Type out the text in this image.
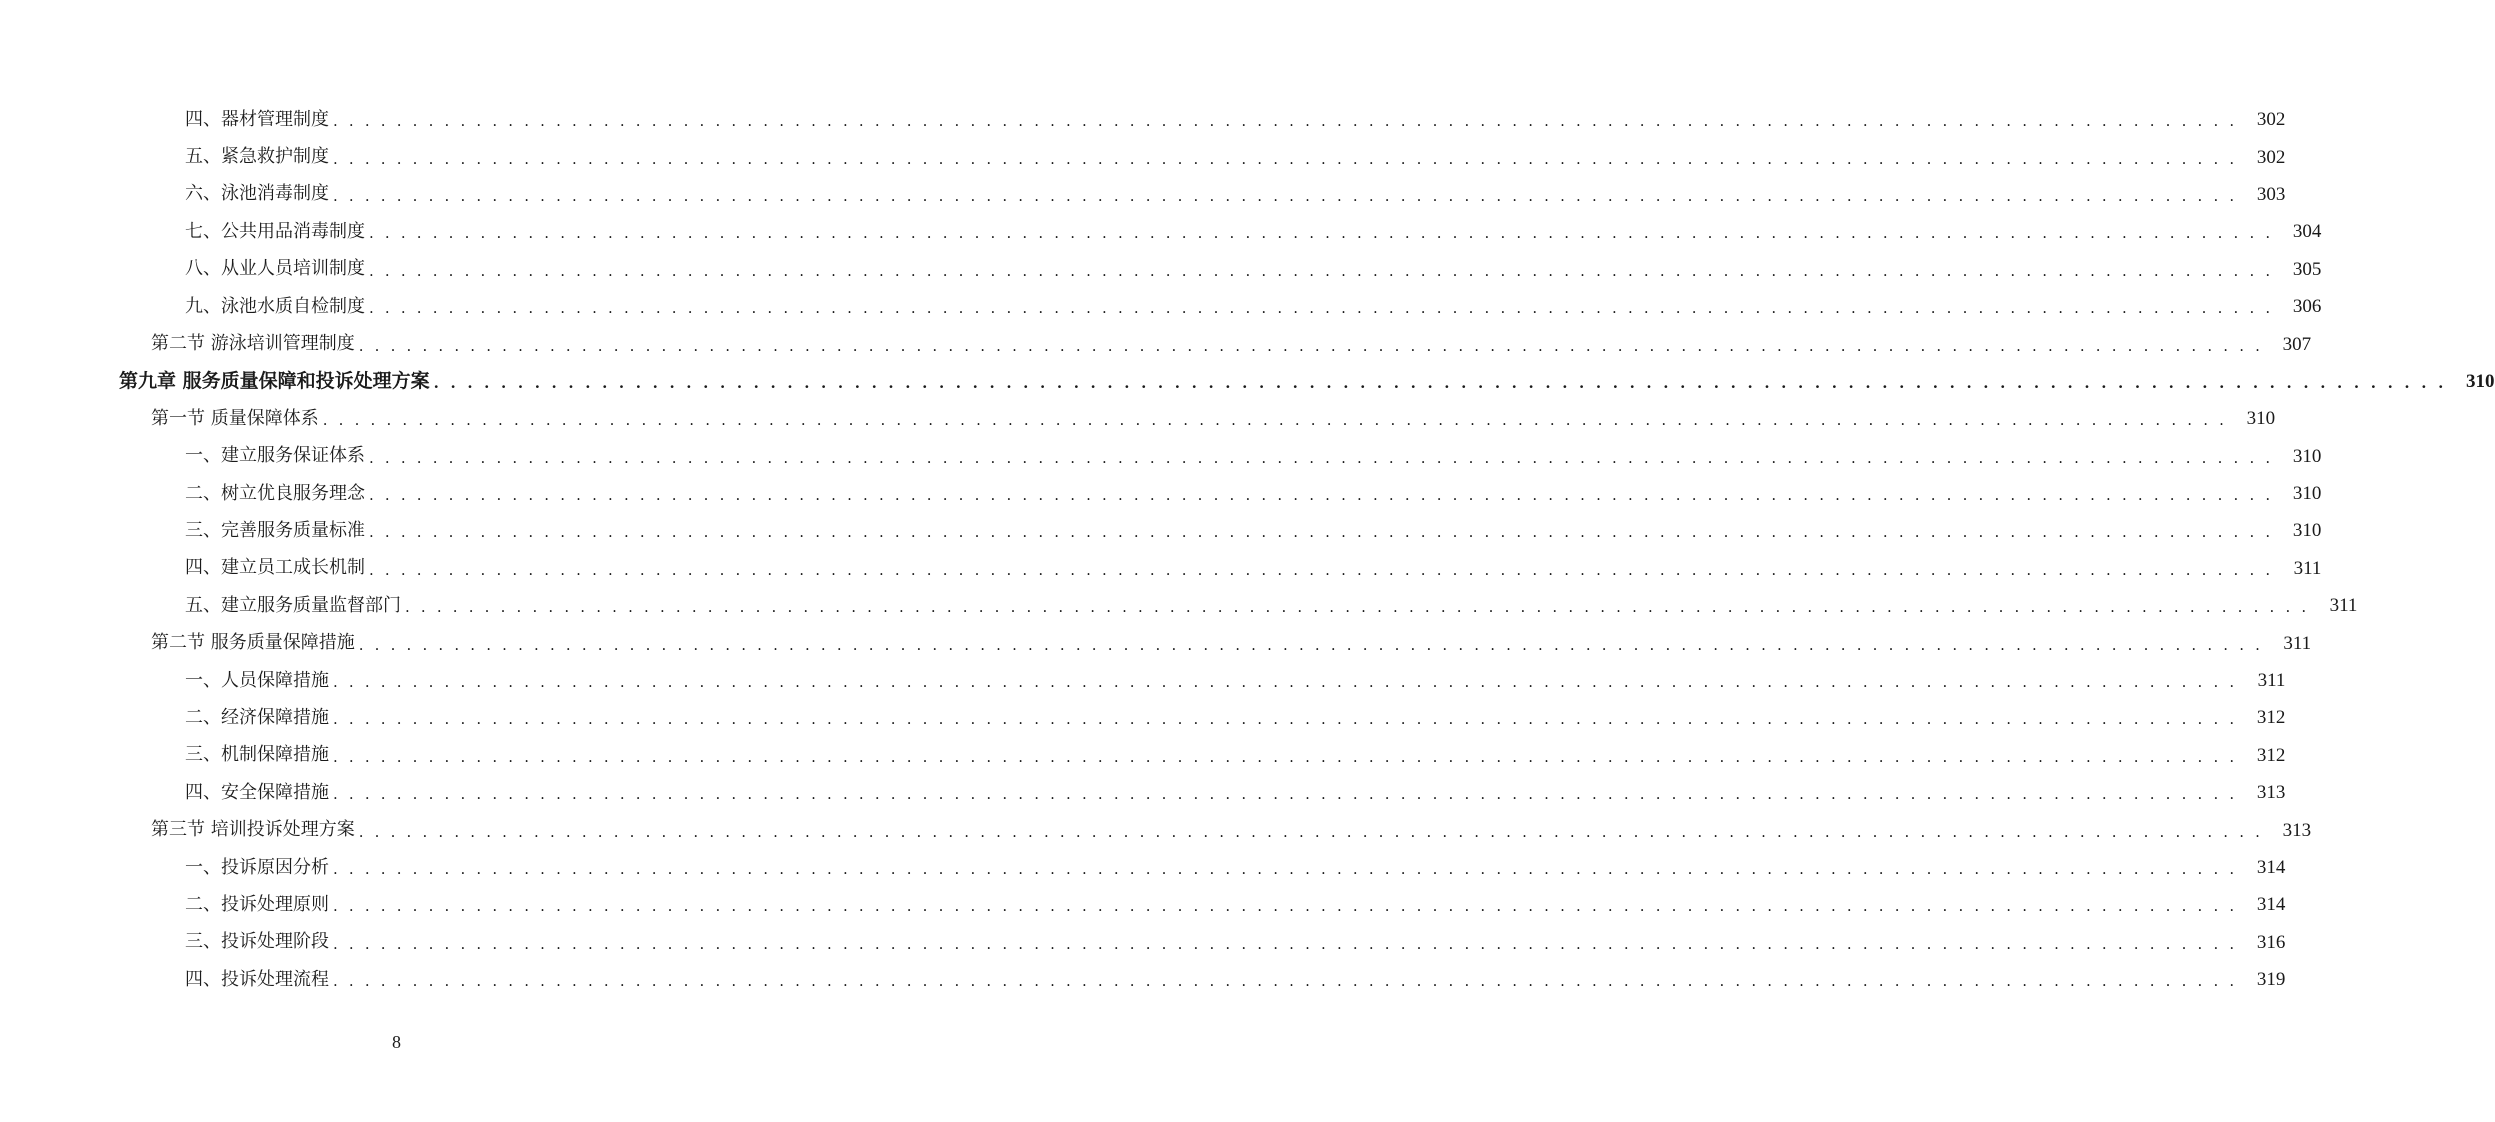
四、器材管理制度 . . . . . . . . . . . . . . . . . . . . . . . . . . . . . . . . . . . . . . . . . . . . . . . . . . . . . . . . . . . . . . . . . . . . . . . . . . . . . . . . . . . . . . . . . . . . . . . . . . . . . . . . . . . . . . . . . . . . . . . .	302
五、紧急救护制度 . . . . . . . . . . . . . . . . . . . . . . . . . . . . . . . . . . . . . . . . . . . . . . . . . . . . . . . . . . . . . . . . . . . . . . . . . . . . . . . . . . . . . . . . . . . . . . . . . . . . . . . . . . . . . . . . . . . . . . . .	302
六、泳池消毒制度 . . . . . . . . . . . . . . . . . . . . . . . . . . . . . . . . . . . . . . . . . . . . . . . . . . . . . . . . . . . . . . . . . . . . . . . . . . . . . . . . . . . . . . . . . . . . . . . . . . . . . . . . . . . . . . . . . . . . . . . .	303
七、公共用品消毒制度 . . . . . . . . . . . . . . . . . . . . . . . . . . . . . . . . . . . . . . . . . . . . . . . . . . . . . . . . . . . . . . . . . . . . . . . . . . . . . . . . . . . . . . . . . . . . . . . . . . . . . . . . . . . . . . . . . . . . . . . .	304
八、从业人员培训制度 . . . . . . . . . . . . . . . . . . . . . . . . . . . . . . . . . . . . . . . . . . . . . . . . . . . . . . . . . . . . . . . . . . . . . . . . . . . . . . . . . . . . . . . . . . . . . . . . . . . . . . . . . . . . . . . . . . . . . . . .	305
九、泳池水质自检制度 . . . . . . . . . . . . . . . . . . . . . . . . . . . . . . . . . . . . . . . . . . . . . . . . . . . . . . . . . . . . . . . . . . . . . . . . . . . . . . . . . . . . . . . . . . . . . . . . . . . . . . . . . . . . . . . . . . . . . . . .	306
第二节 游泳培训管理制度 . . . . . . . . . . . . . . . . . . . . . . . . . . . . . . . . . . . . . . . . . . . . . . . . . . . . . . . . . . . . . . . . . . . . . . . . . . . . . . . . . . . . . . . . . . . . . . . . . . . . . . . . . . . . . . . . . . . . . . . .	307
第九章 服务质量保障和投诉处理方案 . . . . . . . . . . . . . . . . . . . . . . . . . . . . . . . . . . . . . . . . . . . . . . . . . . . . . . . . . . . . . . . . . . . . . . . . . . . . . . . . . . . . . . . . . . . . . . . . . . . . . . . . . . . . . . . . . . . . . . . .	310
第一节 质量保障体系 . . . . . . . . . . . . . . . . . . . . . . . . . . . . . . . . . . . . . . . . . . . . . . . . . . . . . . . . . . . . . . . . . . . . . . . . . . . . . . . . . . . . . . . . . . . . . . . . . . . . . . . . . . . . . . . . . . . . . . . .	310
一、建立服务保证体系 . . . . . . . . . . . . . . . . . . . . . . . . . . . . . . . . . . . . . . . . . . . . . . . . . . . . . . . . . . . . . . . . . . . . . . . . . . . . . . . . . . . . . . . . . . . . . . . . . . . . . . . . . . . . . . . . . . . . . . . .	310
二、树立优良服务理念 . . . . . . . . . . . . . . . . . . . . . . . . . . . . . . . . . . . . . . . . . . . . . . . . . . . . . . . . . . . . . . . . . . . . . . . . . . . . . . . . . . . . . . . . . . . . . . . . . . . . . . . . . . . . . . . . . . . . . . . .	310
三、完善服务质量标准 . . . . . . . . . . . . . . . . . . . . . . . . . . . . . . . . . . . . . . . . . . . . . . . . . . . . . . . . . . . . . . . . . . . . . . . . . . . . . . . . . . . . . . . . . . . . . . . . . . . . . . . . . . . . . . . . . . . . . . . .	310
四、建立员工成长机制 . . . . . . . . . . . . . . . . . . . . . . . . . . . . . . . . . . . . . . . . . . . . . . . . . . . . . . . . . . . . . . . . . . . . . . . . . . . . . . . . . . . . . . . . . . . . . . . . . . . . . . . . . . . . . . . . . . . . . . . .	311
五、建立服务质量监督部门 . . . . . . . . . . . . . . . . . . . . . . . . . . . . . . . . . . . . . . . . . . . . . . . . . . . . . . . . . . . . . . . . . . . . . . . . . . . . . . . . . . . . . . . . . . . . . . . . . . . . . . . . . . . . . . . . . . . . . . . .	311
第二节 服务质量保障措施 . . . . . . . . . . . . . . . . . . . . . . . . . . . . . . . . . . . . . . . . . . . . . . . . . . . . . . . . . . . . . . . . . . . . . . . . . . . . . . . . . . . . . . . . . . . . . . . . . . . . . . . . . . . . . . . . . . . . . . . .	311
一、人员保障措施 . . . . . . . . . . . . . . . . . . . . . . . . . . . . . . . . . . . . . . . . . . . . . . . . . . . . . . . . . . . . . . . . . . . . . . . . . . . . . . . . . . . . . . . . . . . . . . . . . . . . . . . . . . . . . . . . . . . . . . . .	311
二、经济保障措施 . . . . . . . . . . . . . . . . . . . . . . . . . . . . . . . . . . . . . . . . . . . . . . . . . . . . . . . . . . . . . . . . . . . . . . . . . . . . . . . . . . . . . . . . . . . . . . . . . . . . . . . . . . . . . . . . . . . . . . . .	312
三、机制保障措施 . . . . . . . . . . . . . . . . . . . . . . . . . . . . . . . . . . . . . . . . . . . . . . . . . . . . . . . . . . . . . . . . . . . . . . . . . . . . . . . . . . . . . . . . . . . . . . . . . . . . . . . . . . . . . . . . . . . . . . . .	312
四、安全保障措施 . . . . . . . . . . . . . . . . . . . . . . . . . . . . . . . . . . . . . . . . . . . . . . . . . . . . . . . . . . . . . . . . . . . . . . . . . . . . . . . . . . . . . . . . . . . . . . . . . . . . . . . . . . . . . . . . . . . . . . . .	313
第三节 培训投诉处理方案 . . . . . . . . . . . . . . . . . . . . . . . . . . . . . . . . . . . . . . . . . . . . . . . . . . . . . . . . . . . . . . . . . . . . . . . . . . . . . . . . . . . . . . . . . . . . . . . . . . . . . . . . . . . . . . . . . . . . . . . .	313
一、投诉原因分析 . . . . . . . . . . . . . . . . . . . . . . . . . . . . . . . . . . . . . . . . . . . . . . . . . . . . . . . . . . . . . . . . . . . . . . . . . . . . . . . . . . . . . . . . . . . . . . . . . . . . . . . . . . . . . . . . . . . . . . . .	314
二、投诉处理原则 . . . . . . . . . . . . . . . . . . . . . . . . . . . . . . . . . . . . . . . . . . . . . . . . . . . . . . . . . . . . . . . . . . . . . . . . . . . . . . . . . . . . . . . . . . . . . . . . . . . . . . . . . . . . . . . . . . . . . . . .	314
三、投诉处理阶段 . . . . . . . . . . . . . . . . . . . . . . . . . . . . . . . . . . . . . . . . . . . . . . . . . . . . . . . . . . . . . . . . . . . . . . . . . . . . . . . . . . . . . . . . . . . . . . . . . . . . . . . . . . . . . . . . . . . . . . . .	316
四、投诉处理流程 . . . . . . . . . . . . . . . . . . . . . . . . . . . . . . . . . . . . . . . . . . . . . . . . . . . . . . . . . . . . . . . . . . . . . . . . . . . . . . . . . . . . . . . . . . . . . . . . . . . . . . . . . . . . . . . . . . . . . . . .	319
8
